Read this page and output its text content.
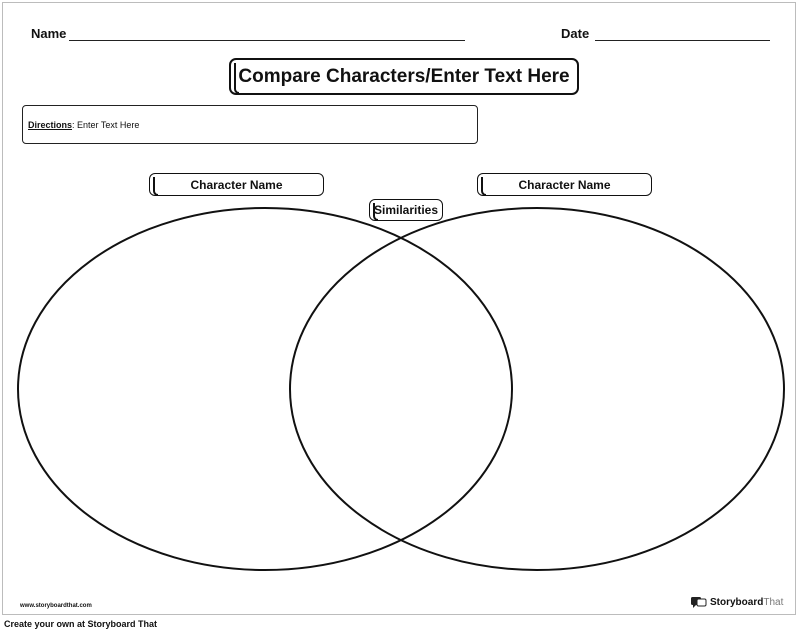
Name	Date
Compare Characters/Enter Text Here
Directions: Enter Text Here
Character Name	Character Name
Similarities
www.storyboardthat.com	StoryboardThat
Create your own at Storyboard That
